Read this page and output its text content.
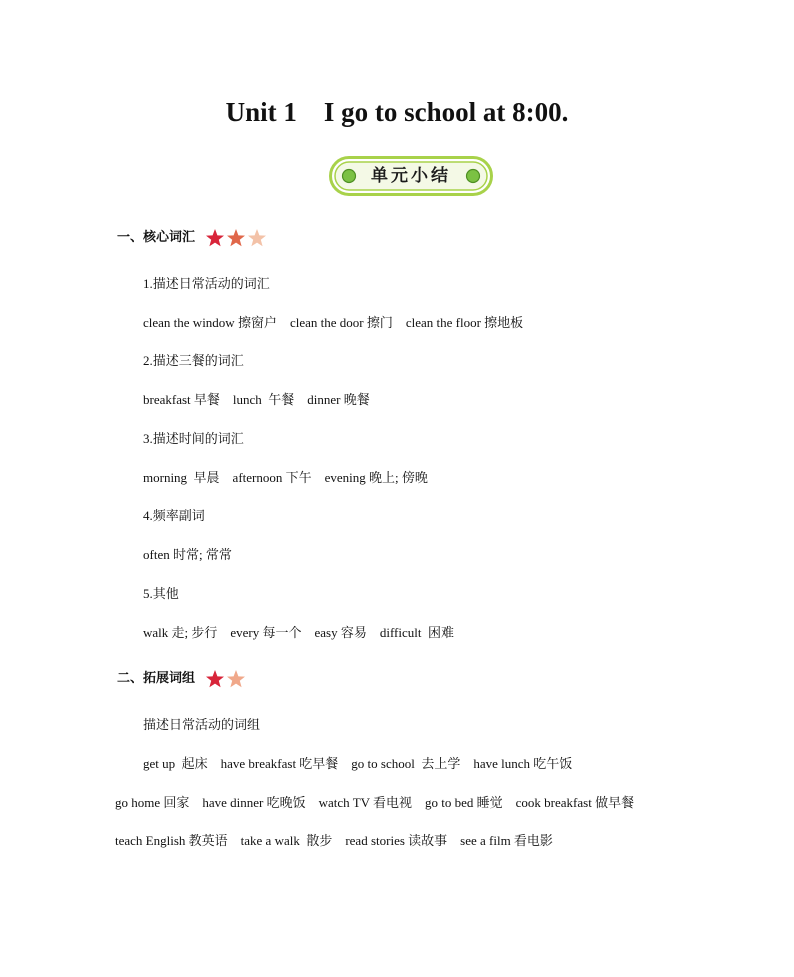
Unit 1    I go to school at 8:00.
单元小结
一、核心词汇
1.描述日常活动的词汇
clean the window 擦窗户    clean the door 擦门    clean the floor 擦地板
2.描述三餐的词汇
breakfast 早餐    lunch  午餐    dinner 晚餐
3.描述时间的词汇
morning  早晨    afternoon 下午    evening 晚上; 傍晚
4.频率副词
often 时常; 常常
5.其他
walk 走; 步行    every 每一个    easy 容易    difficult  困难
二、拓展词组
描述日常活动的词组
get up  起床    have breakfast 吃早餐    go to school  去上学    have lunch 吃午饭
go home 回家    have dinner 吃晚饭    watch TV 看电视    go to bed 睡觉    cook breakfast 做早餐
teach English 教英语    take a walk  散步    read stories 读故事    see a film 看电影
